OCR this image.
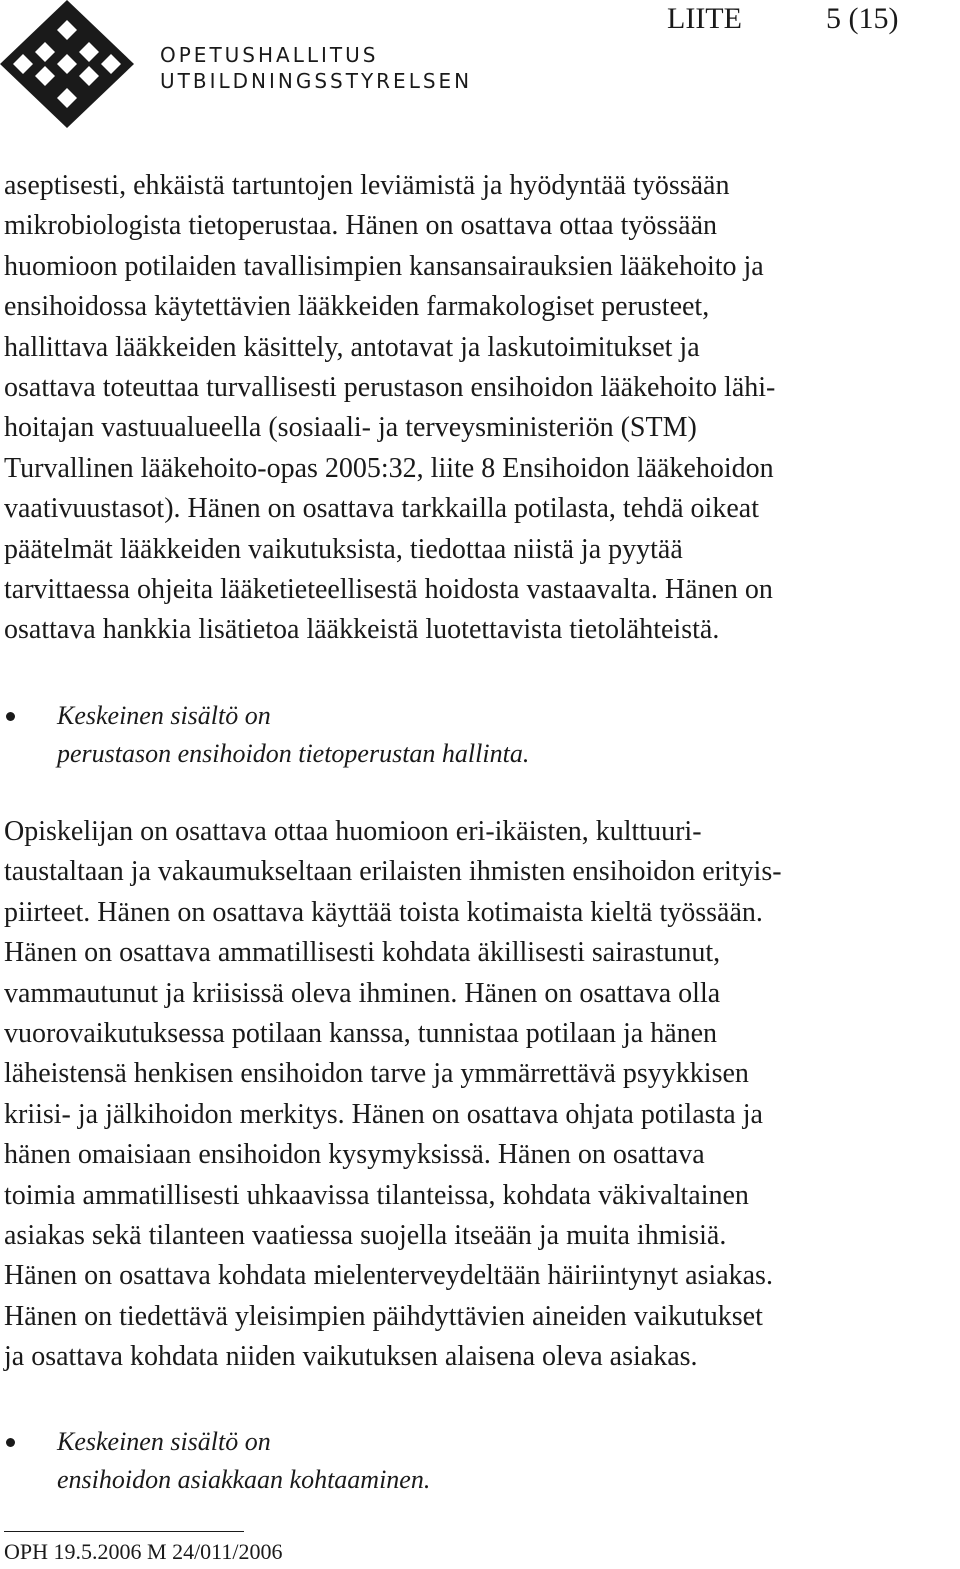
OPETUSHALLITUS
UTBILDNINGSSTYRELSEN
LIITE	5 (15)
aseptisesti, ehkäistä tartuntojen leviämistä ja hyödyntää työssään
mikrobiologista tietoperustaa. Hänen on osattava ottaa työssään
huomioon potilaiden tavallisimpien kansansairauksien lääkehoito ja
ensihoidossa käytettävien lääkkeiden farmakologiset perusteet,
hallittava lääkkeiden käsittely, antotavat ja laskutoimitukset ja
osattava toteuttaa turvallisesti perustason ensihoidon lääkehoito lähi-
hoitajan vastuualueella (sosiaali- ja terveysministeriön (STM)
Turvallinen lääkehoito-opas 2005:32, liite 8 Ensihoidon lääkehoidon
vaativuustasot). Hänen on osattava tarkkailla potilasta, tehdä oikeat
päätelmät lääkkeiden vaikutuksista, tiedottaa niistä ja pyytää
tarvittaessa ohjeita lääketieteellisestä hoidosta vastaavalta. Hänen on
osattava hankkia lisätietoa lääkkeistä luotettavista tietolähteistä.
Keskeinen sisältö on
perustason ensihoidon tietoperustan hallinta.
Opiskelijan on osattava ottaa huomioon eri-ikäisten, kulttuuri-
taustaltaan ja vakaumukseltaan erilaisten ihmisten ensihoidon erityis-
piirteet. Hänen on osattava käyttää toista kotimaista kieltä työssään.
Hänen on osattava ammatillisesti kohdata äkillisesti sairastunut,
vammautunut ja kriisissä oleva ihminen. Hänen on osattava olla
vuorovaikutuksessa potilaan kanssa, tunnistaa potilaan ja hänen
läheistensä henkisen ensihoidon tarve ja ymmärrettävä psyykkisen
kriisi- ja jälkihoidon merkitys. Hänen on osattava ohjata potilasta ja
hänen omaisiaan ensihoidon kysymyksissä. Hänen on osattava
toimia ammatillisesti uhkaavissa tilanteissa, kohdata väkivaltainen
asiakas sekä tilanteen vaatiessa suojella itseään ja muita ihmisiä.
Hänen on osattava kohdata mielenterveydeltään häiriintynyt asiakas.
Hänen on tiedettävä yleisimpien päihdyttävien aineiden vaikutukset
ja osattava kohdata niiden vaikutuksen alaisena oleva asiakas.
Keskeinen sisältö on
ensihoidon asiakkaan kohtaaminen.
OPH 19.5.2006 M 24/011/2006
